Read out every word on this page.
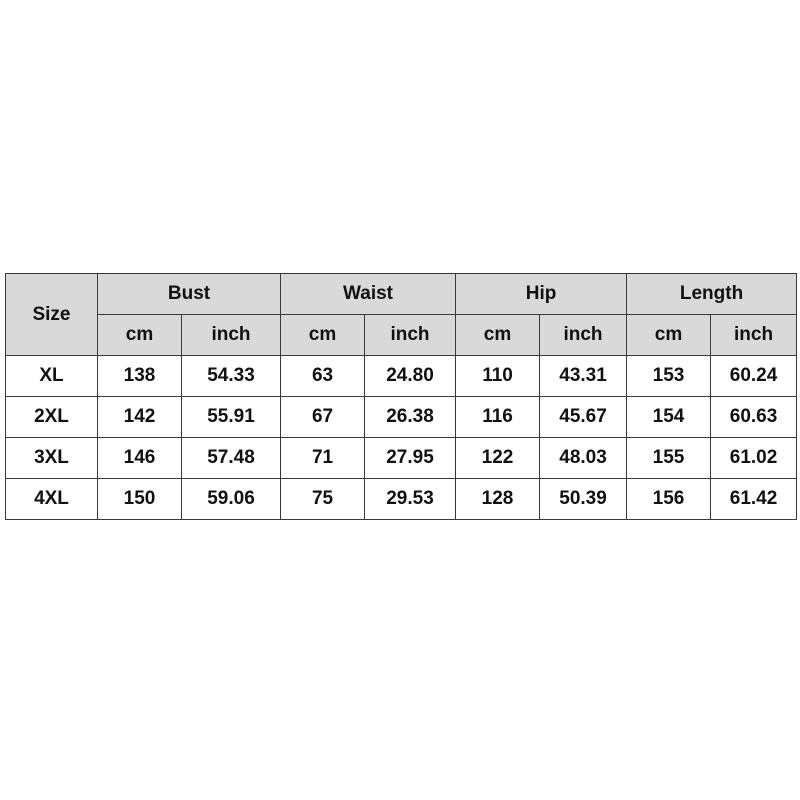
Size	Bust		Waist		Hip		Length	
	cm	inch	cm	inch	cm	inch	cm	inch
XL	138	54.33	63	24.80	110	43.31	153	60.24
2XL	142	55.91	67	26.38	116	45.67	154	60.63
3XL	146	57.48	71	27.95	122	48.03	155	61.02
4XL	150	59.06	75	29.53	128	50.39	156	61.42
